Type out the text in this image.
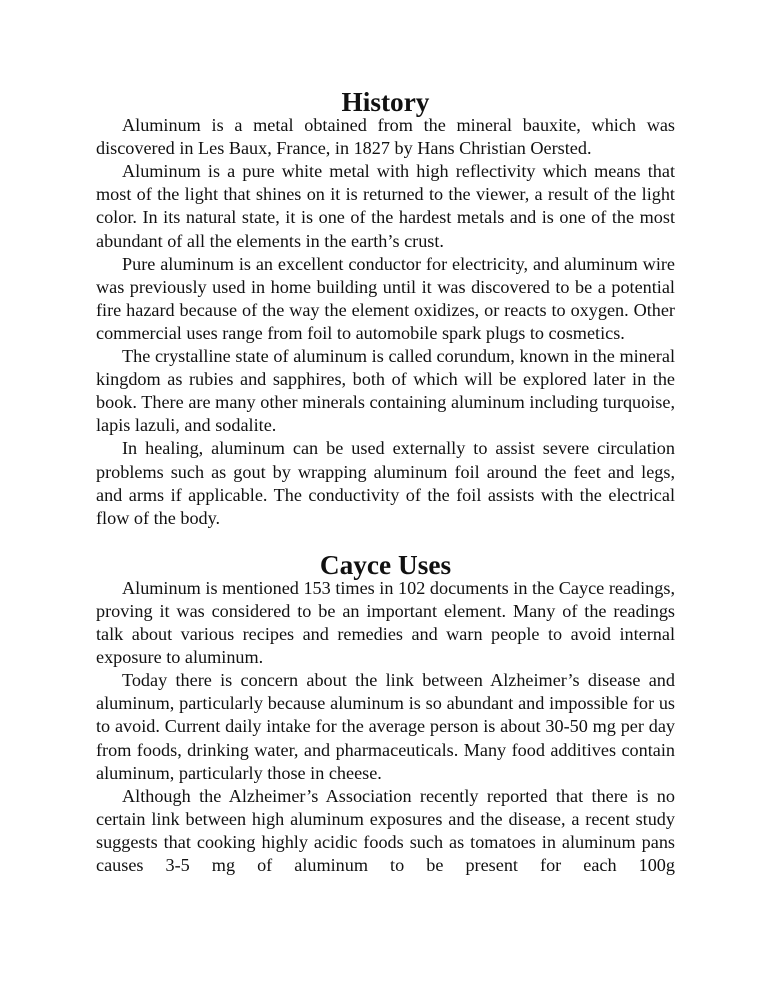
History

Aluminum is a metal obtained from the mineral bauxite, which was discovered in Les Baux, France, in 1827 by Hans Christian Oersted.

Aluminum is a pure white metal with high reflectivity which means that most of the light that shines on it is returned to the viewer, a result of the light color. In its natural state, it is one of the hardest metals and is one of the most abundant of all the elements in the earth’s crust.

Pure aluminum is an excellent conductor for electricity, and aluminum wire was previously used in home building until it was discovered to be a potential fire hazard because of the way the element oxidizes, or reacts to oxygen. Other commercial uses range from foil to automobile spark plugs to cosmetics.

The crystalline state of aluminum is called corundum, known in the mineral kingdom as rubies and sapphires, both of which will be explored later in the book. There are many other minerals containing aluminum including turquoise, lapis lazuli, and sodalite.

In healing, aluminum can be used externally to assist severe circulation problems such as gout by wrapping aluminum foil around the feet and legs, and arms if applicable. The conductivity of the foil assists with the electrical flow of the body.

Cayce Uses

Aluminum is mentioned 153 times in 102 documents in the Cayce readings, proving it was considered to be an important element. Many of the readings talk about various recipes and remedies and warn people to avoid internal exposure to aluminum.

Today there is concern about the link between Alzheimer’s disease and aluminum, particularly because aluminum is so abundant and impossible for us to avoid. Current daily intake for the average person is about 30-50 mg per day from foods, drinking water, and pharmaceuticals. Many food additives contain aluminum, particularly those in cheese.

Although the Alzheimer’s Association recently reported that there is no certain link between high aluminum exposures and the disease, a recent study suggests that cooking highly acidic foods such as tomatoes in aluminum pans causes 3-5 mg of aluminum to be present for each 100g
